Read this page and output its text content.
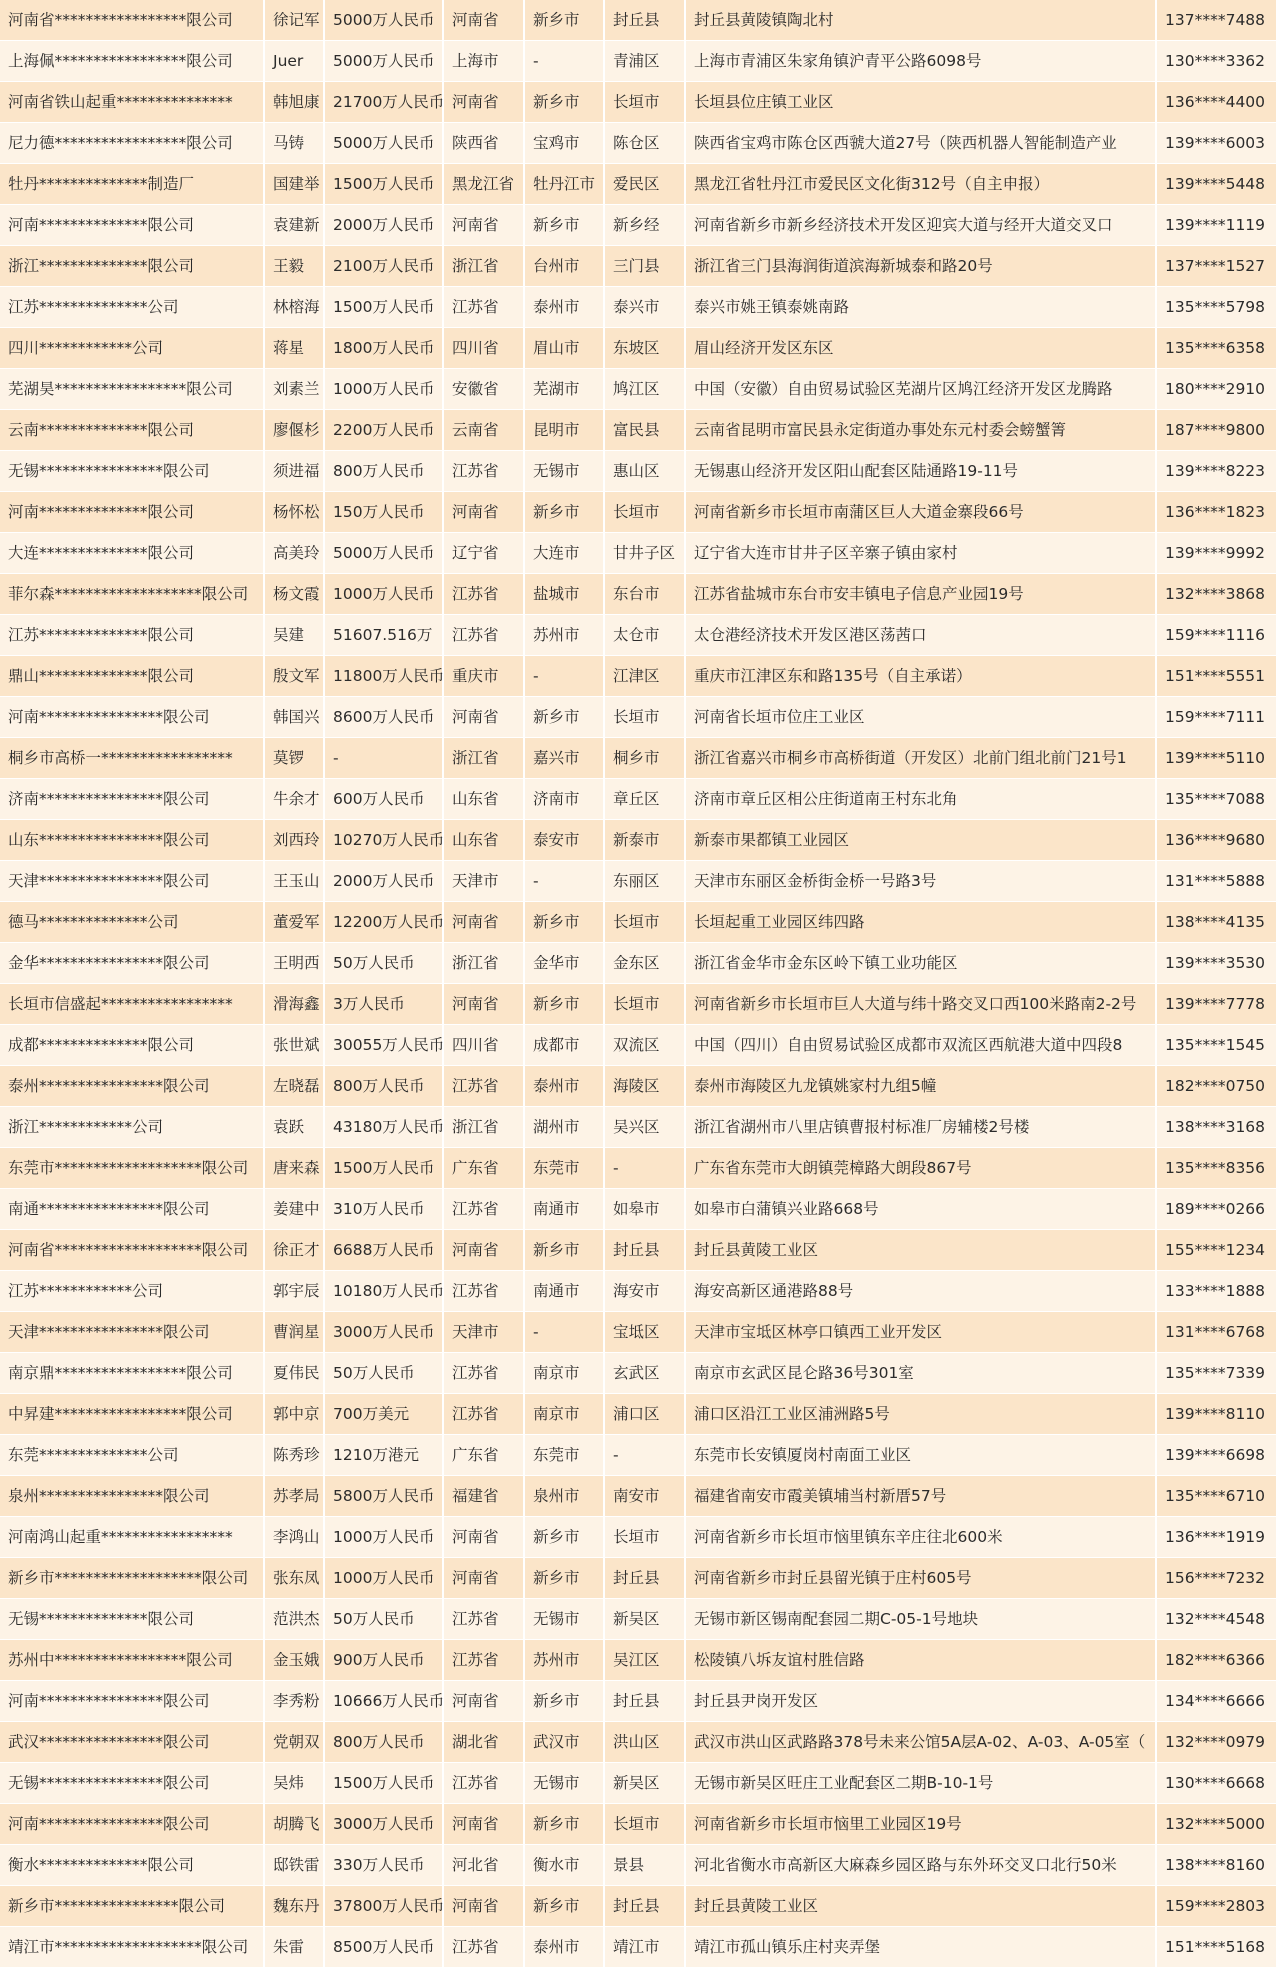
河南省*****************限公司	徐记军	5000万人民币	河南省	新乡市	封丘县	封丘县黄陵镇陶北村	137****7488
上海佩*****************限公司	Juer	5000万人民币	上海市	-	青浦区	上海市青浦区朱家角镇沪青平公路6098号	130****3362
河南省铁山起重***************	韩旭康	21700万人民币	河南省	新乡市	长垣市	长垣县位庄镇工业区	136****4400
尼力德*****************限公司	马铸	5000万人民币	陕西省	宝鸡市	陈仓区	陕西省宝鸡市陈仓区西虢大道27号（陕西机器人智能制造产业	139****6003
牡丹**************制造厂	国建举	1500万人民币	黑龙江省	牡丹江市	爱民区	黑龙江省牡丹江市爱民区文化街312号（自主申报）	139****5448
河南**************限公司	袁建新	2000万人民币	河南省	新乡市	新乡经	河南省新乡市新乡经济技术开发区迎宾大道与经开大道交叉口	139****1119
浙江**************限公司	王毅	2100万人民币	浙江省	台州市	三门县	浙江省三门县海润街道滨海新城泰和路20号	137****1527
江苏**************公司	林榕海	1500万人民币	江苏省	泰州市	泰兴市	泰兴市姚王镇泰姚南路	135****5798
四川************公司	蒋星	1800万人民币	四川省	眉山市	东坡区	眉山经济开发区东区	135****6358
芜湖昊*****************限公司	刘素兰	1000万人民币	安徽省	芜湖市	鸠江区	中国（安徽）自由贸易试验区芜湖片区鸠江经济开发区龙腾路	180****2910
云南**************限公司	廖偃杉	2200万人民币	云南省	昆明市	富民县	云南省昆明市富民县永定街道办事处东元村委会螃蟹箐	187****9800
无锡****************限公司	须进福	800万人民币	江苏省	无锡市	惠山区	无锡惠山经济开发区阳山配套区陆通路19-11号	139****8223
河南**************限公司	杨怀松	150万人民币	河南省	新乡市	长垣市	河南省新乡市长垣市南蒲区巨人大道金寨段66号	136****1823
大连**************限公司	高美玲	5000万人民币	辽宁省	大连市	甘井子区	辽宁省大连市甘井子区辛寨子镇由家村	139****9992
菲尔森*******************限公司	杨文霞	1000万人民币	江苏省	盐城市	东台市	江苏省盐城市东台市安丰镇电子信息产业园19号	132****3868
江苏**************限公司	吴建	51607.516万	江苏省	苏州市	太仓市	太仓港经济技术开发区港区荡茜口	159****1116
鼎山**************限公司	殷文军	11800万人民币	重庆市	-	江津区	重庆市江津区东和路135号（自主承诺）	151****5551
河南****************限公司	韩国兴	8600万人民币	河南省	新乡市	长垣市	河南省长垣市位庄工业区	159****7111
桐乡市高桥一*****************	莫锣	-	浙江省	嘉兴市	桐乡市	浙江省嘉兴市桐乡市高桥街道（开发区）北前门组北前门21号1	139****5110
济南****************限公司	牛余才	600万人民币	山东省	济南市	章丘区	济南市章丘区相公庄街道南王村东北角	135****7088
山东****************限公司	刘西玲	10270万人民币	山东省	泰安市	新泰市	新泰市果都镇工业园区	136****9680
天津****************限公司	王玉山	2000万人民币	天津市	-	东丽区	天津市东丽区金桥街金桥一号路3号	131****5888
德马**************公司	董爱军	12200万人民币	河南省	新乡市	长垣市	长垣起重工业园区纬四路	138****4135
金华****************限公司	王明西	50万人民币	浙江省	金华市	金东区	浙江省金华市金东区岭下镇工业功能区	139****3530
长垣市信盛起*****************	滑海鑫	3万人民币	河南省	新乡市	长垣市	河南省新乡市长垣市巨人大道与纬十路交叉口西100米路南2-2号	139****7778
成都**************限公司	张世斌	30055万人民币	四川省	成都市	双流区	中国（四川）自由贸易试验区成都市双流区西航港大道中四段8	135****1545
泰州****************限公司	左晓磊	800万人民币	江苏省	泰州市	海陵区	泰州市海陵区九龙镇姚家村九组5幢	182****0750
浙江************公司	袁跃	43180万人民币	浙江省	湖州市	吴兴区	浙江省湖州市八里店镇曹报村标准厂房辅楼2号楼	138****3168
东莞市*******************限公司	唐来森	1500万人民币	广东省	东莞市	-	广东省东莞市大朗镇莞樟路大朗段867号	135****8356
南通****************限公司	姜建中	310万人民币	江苏省	南通市	如皋市	如皋市白蒲镇兴业路668号	189****0266
河南省*******************限公司	徐正才	6688万人民币	河南省	新乡市	封丘县	封丘县黄陵工业区	155****1234
江苏************公司	郭宇辰	10180万人民币	江苏省	南通市	海安市	海安高新区通港路88号	133****1888
天津****************限公司	曹润星	3000万人民币	天津市	-	宝坻区	天津市宝坻区林亭口镇西工业开发区	131****6768
南京鼎*****************限公司	夏伟民	50万人民币	江苏省	南京市	玄武区	南京市玄武区昆仑路36号301室	135****7339
中昇建*****************限公司	郭中京	700万美元	江苏省	南京市	浦口区	浦口区沿江工业区浦洲路5号	139****8110
东莞**************公司	陈秀珍	1210万港元	广东省	东莞市	-	东莞市长安镇厦岗村南面工业区	139****6698
泉州****************限公司	苏孝局	5800万人民币	福建省	泉州市	南安市	福建省南安市霞美镇埔当村新厝57号	135****6710
河南鸿山起重*****************	李鸿山	1000万人民币	河南省	新乡市	长垣市	河南省新乡市长垣市恼里镇东辛庄往北600米	136****1919
新乡市*******************限公司	张东凤	1000万人民币	河南省	新乡市	封丘县	河南省新乡市封丘县留光镇于庄村605号	156****7232
无锡**************限公司	范洪杰	50万人民币	江苏省	无锡市	新吴区	无锡市新区锡南配套园二期C-05-1号地块	132****4548
苏州中*****************限公司	金玉娥	900万人民币	江苏省	苏州市	吴江区	松陵镇八坼友谊村胜信路	182****6366
河南****************限公司	李秀粉	10666万人民币	河南省	新乡市	封丘县	封丘县尹岗开发区	134****6666
武汉****************限公司	党朝双	800万人民币	湖北省	武汉市	洪山区	武汉市洪山区武路路378号未来公馆5A层A-02、A-03、A-05室（	132****0979
无锡****************限公司	吴炜	1500万人民币	江苏省	无锡市	新吴区	无锡市新吴区旺庄工业配套区二期B-10-1号	130****6668
河南****************限公司	胡腾飞	3000万人民币	河南省	新乡市	长垣市	河南省新乡市长垣市恼里工业园区19号	132****5000
衡水**************限公司	邸铁雷	330万人民币	河北省	衡水市	景县	河北省衡水市高新区大麻森乡园区路与东外环交叉口北行50米	138****8160
新乡市****************限公司	魏东丹	37800万人民币	河南省	新乡市	封丘县	封丘县黄陵工业区	159****2803
靖江市*******************限公司	朱雷	8500万人民币	江苏省	泰州市	靖江市	靖江市孤山镇乐庄村夹弄堡	151****5168
